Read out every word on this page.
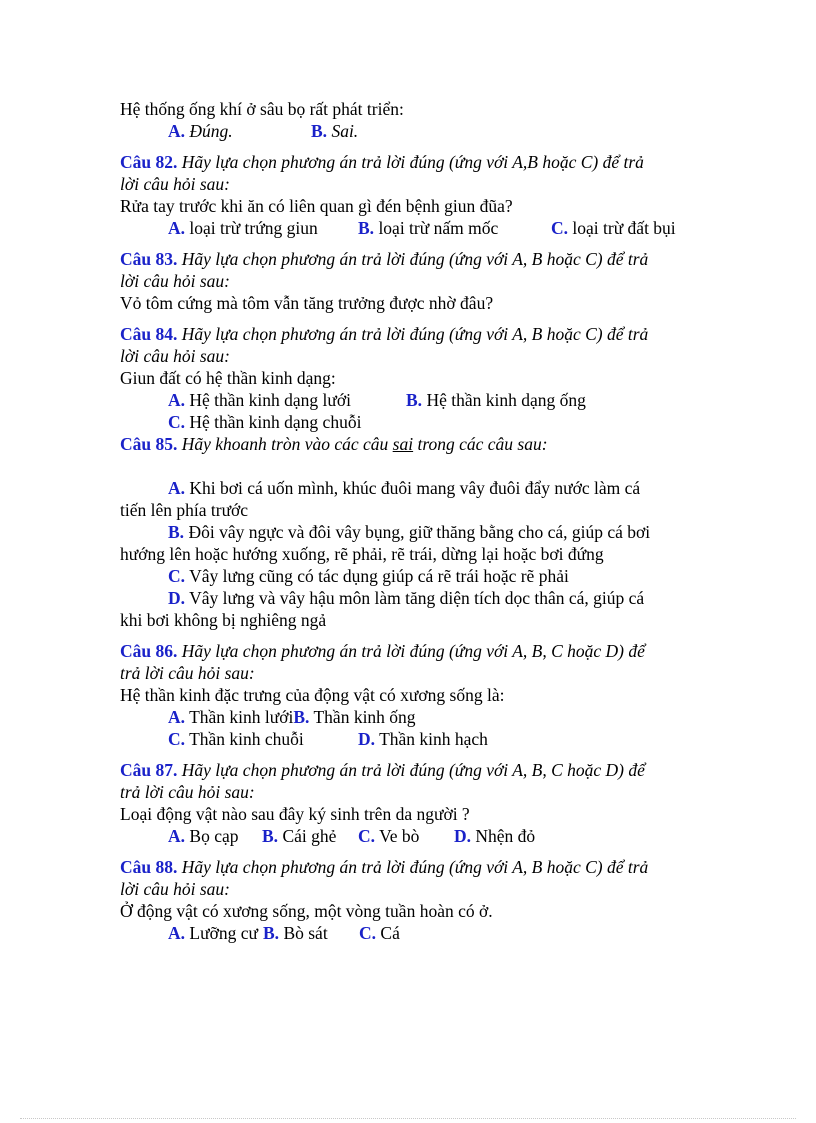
Hệ thống ống khí ở sâu bọ rất phát triển:
A. Đúng.	B. Sai.
Câu 82. Hãy lựa chọn phương án trả lời đúng (ứng với A,B hoặc C) để trả
lời câu hỏi sau:
Rửa tay trước khi ăn có liên quan gì đén bệnh giun đũa?
A. loại trừ trứng giun B. loại trừ nấm mốc	C. loại trừ đất bụi
Câu 83. Hãy lựa chọn phương án trả lời đúng (ứng với A, B hoặc C) để trả
lời câu hỏi sau:
Vỏ tôm cứng mà tôm vẫn tăng trưởng được nhờ đâu?
Câu 84. Hãy lựa chọn phương án trả lời đúng (ứng với A, B hoặc C) để trả
lời câu hỏi sau:
Giun đất có hệ thần kinh dạng:
A. Hệ thần kinh dạng lưới	B. Hệ thần kinh dạng ống
C. Hệ thần kinh dạng chuỗi
Câu 85. Hãy khoanh tròn vào các câu sai trong các câu sau:
A. Khi bơi cá uốn mình, khúc đuôi mang vây đuôi đẩy nước làm cá
tiến lên phía trước
B. Đôi vây ngực và đôi vây bụng, giữ thăng bằng cho cá, giúp cá bơi
hướng lên hoặc hướng xuống, rẽ phải, rẽ trái, dừng lại hoặc bơi đứng
C. Vây lưng cũng có tác dụng giúp cá rẽ trái hoặc rẽ phải
D. Vây lưng và vây hậu môn làm tăng diện tích dọc thân cá, giúp cá
khi bơi không bị nghiêng ngả
Câu 86. Hãy lựa chọn phương án trả lời đúng (ứng với A, B, C hoặc D) để
trả lời câu hỏi sau:
Hệ thần kinh đặc trưng của động vật có xương sống là:
A. Thần kinh lướiB. Thần kinh ống
C. Thần kinh chuỗi	D. Thần kinh hạch
Câu 87. Hãy lựa chọn phương án trả lời đúng (ứng với A, B, C hoặc D) để
trả lời câu hỏi sau:
Loại động vật nào sau đây ký sinh trên da người ?
A. Bọ cạp B. Cái ghẻ C. Ve bò D. Nhện đỏ
Câu 88. Hãy lựa chọn phương án trả lời đúng (ứng với A, B hoặc C) để trả
lời câu hỏi sau:
Ở động vật có xương sống, một vòng tuần hoàn có ở.
A. Lưỡng cư B. Bò sát C. Cá
